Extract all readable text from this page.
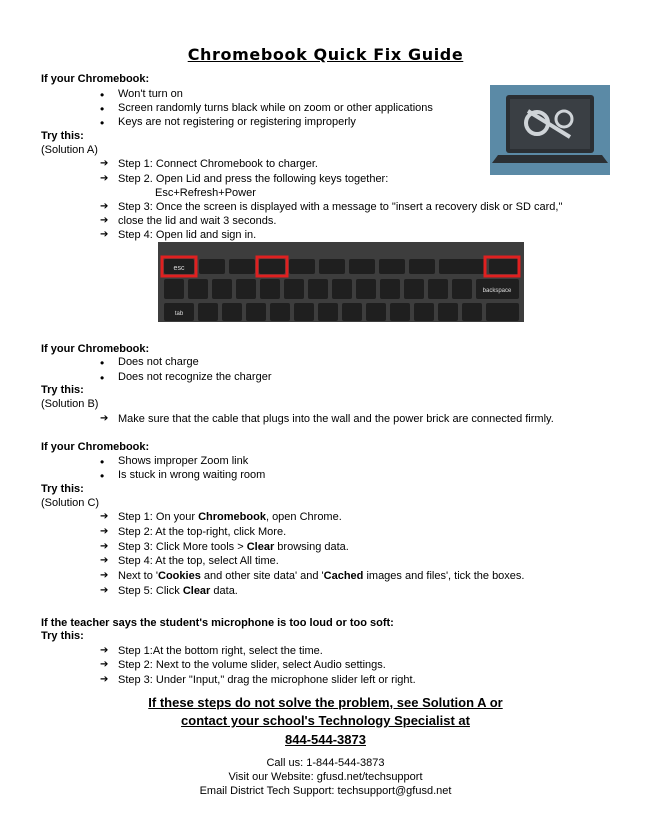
Chromebook Quick Fix Guide
If your Chromebook:
• Won't turn on
• Screen randomly turns black while on zoom or other applications
• Keys are not registering or registering improperly
Try this:
(Solution A)
➔ Step 1: Connect Chromebook to charger.
➔ Step 2. Open Lid and press the following keys together:
Esc+Refresh+Power
➔ Step 3: Once the screen is displayed with a message to "insert a recovery disk or SD card,"
➔ close the lid and wait 3 seconds.
➔ Step 4: Open lid and sign in.
esc
backspace
tab
If your Chromebook:
• Does not charge
• Does not recognize the charger
Try this:
(Solution B)
➔ Make sure that the cable that plugs into the wall and the power brick are connected firmly.
If your Chromebook:
• Shows improper Zoom link
• Is stuck in wrong waiting room
Try this:
(Solution C)
➔ Step 1: On your Chromebook, open Chrome.
➔ Step 2: At the top-right, click More.
➔ Step 3: Click More tools > Clear browsing data.
➔ Step 4: At the top, select All time.
➔ Next to 'Cookies and other site data' and 'Cached images and files', tick the boxes.
➔ Step 5: Click Clear data.
If the teacher says the student's microphone is too loud or too soft:
Try this:
➔ Step 1:At the bottom right, select the time.
➔ Step 2: Next to the volume slider, select Audio settings.
➔ Step 3: Under "Input," drag the microphone slider left or right.
If these steps do not solve the problem, see Solution A or
contact your school's Technology Specialist at
844-544-3873
Call us: 1-844-544-3873
Visit our Website: gfusd.net/techsupport
Email District Tech Support: techsupport@gfusd.net
